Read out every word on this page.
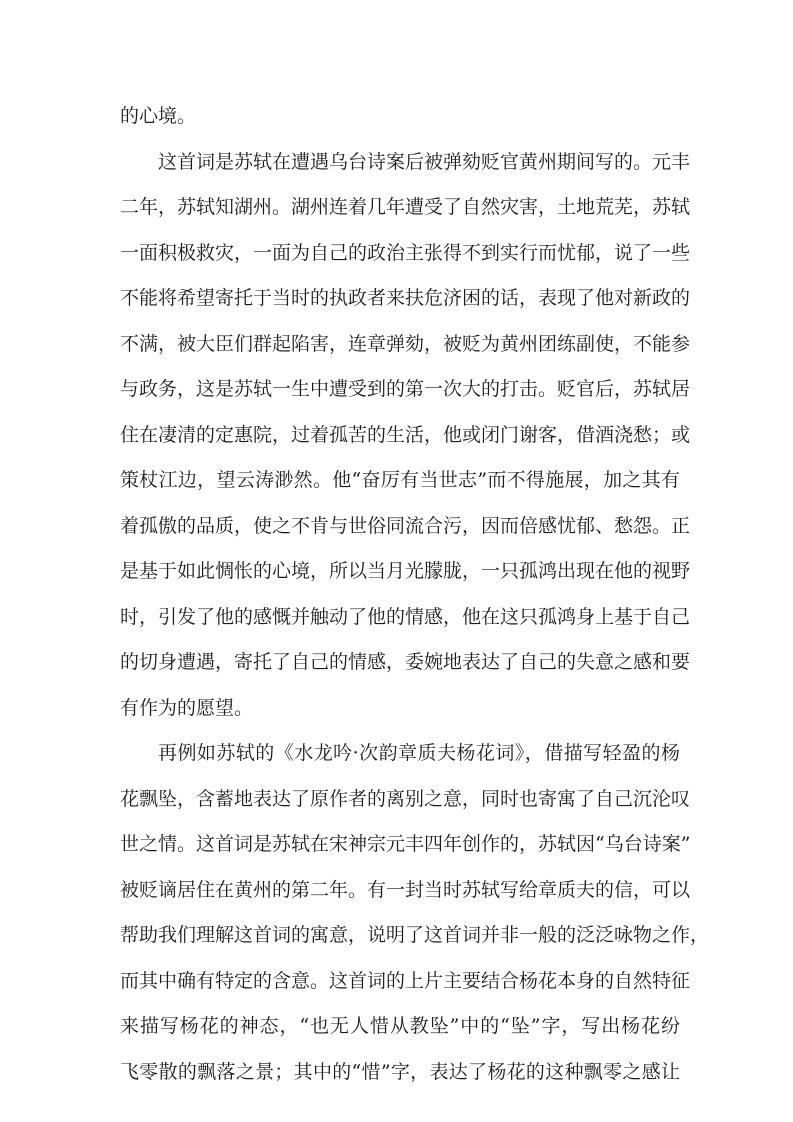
的心境。
这首词是苏轼在遭遇乌台诗案后被弹劾贬官黄州期间写的。元丰
二年，苏轼知湖州。湖州连着几年遭受了自然灾害，土地荒芜，苏轼
一面积极救灾，一面为自己的政治主张得不到实行而忧郁，说了一些
不能将希望寄托于当时的执政者来扶危济困的话，表现了他对新政的
不满，被大臣们群起陷害，连章弹劾，被贬为黄州团练副使，不能参
与政务，这是苏轼一生中遭受到的第一次大的打击。贬官后，苏轼居
住在凄清的定惠院，过着孤苦的生活，他或闭门谢客，借酒浇愁；或
策杖江边，望云涛渺然。他“奋厉有当世志”而不得施展，加之其有
着孤傲的品质，使之不肯与世俗同流合污，因而倍感忧郁、愁怨。正
是基于如此惆怅的心境，所以当月光朦胧，一只孤鸿出现在他的视野
时，引发了他的感慨并触动了他的情感，他在这只孤鸿身上基于自己
的切身遭遇，寄托了自己的情感，委婉地表达了自己的失意之感和要
有作为的愿望。
再例如苏轼的《水龙吟·次韵章质夫杨花词》，借描写轻盈的杨
花飘坠，含蓄地表达了原作者的离别之意，同时也寄寓了自己沉沦叹
世之情。这首词是苏轼在宋神宗元丰四年创作的，苏轼因“乌台诗案”
被贬谪居住在黄州的第二年。有一封当时苏轼写给章质夫的信，可以
帮助我们理解这首词的寓意，说明了这首词并非一般的泛泛咏物之作，
而其中确有特定的含意。这首词的上片主要结合杨花本身的自然特征
来描写杨花的神态，“也无人惜从教坠”中的“坠”字，写出杨花纷
飞零散的飘落之景；其中的“惜”字，表达了杨花的这种飘零之感让
